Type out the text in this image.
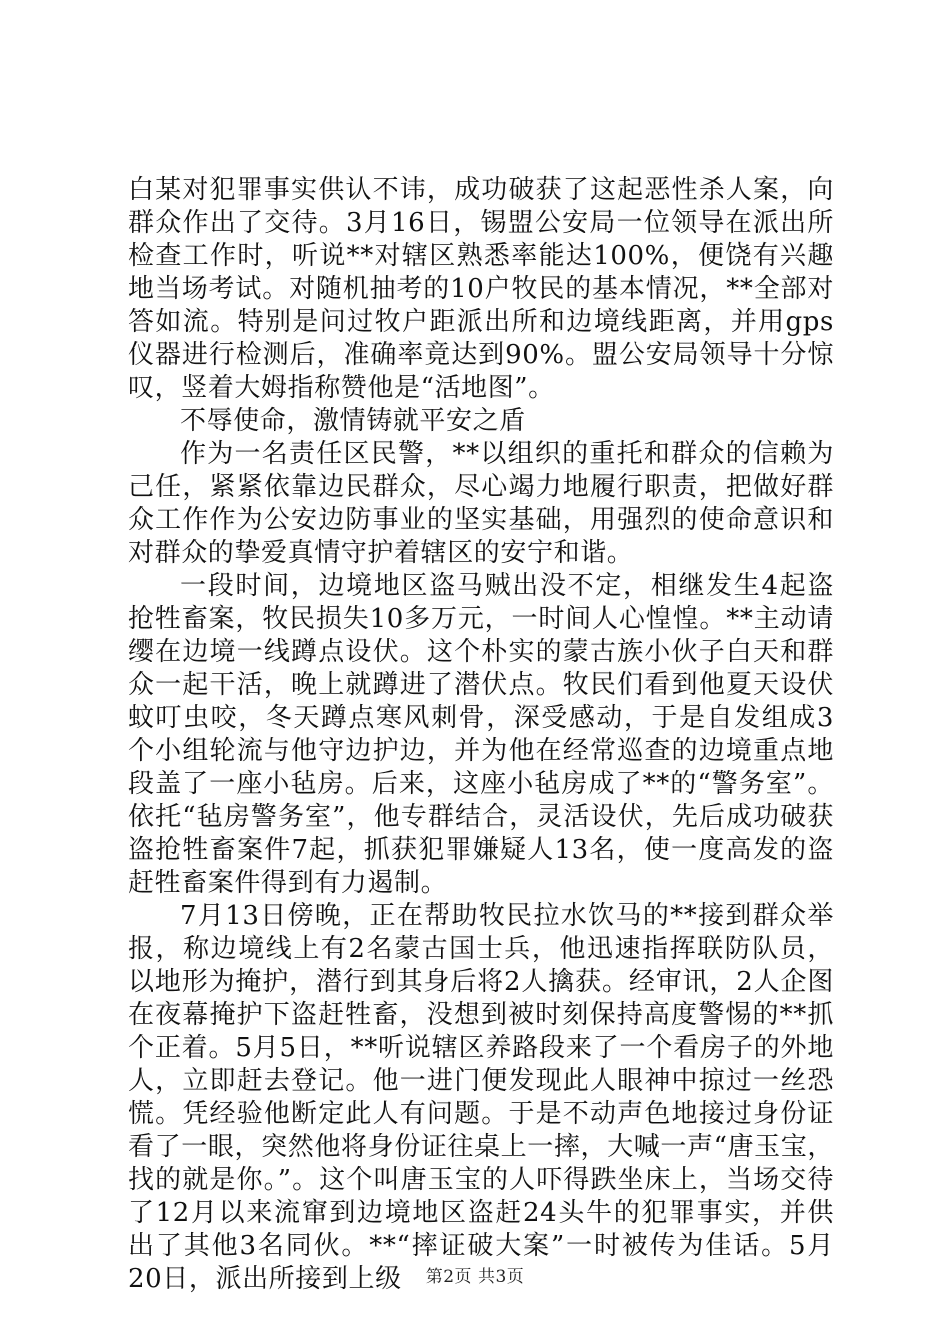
白某对犯罪事实供认不讳，成功破获了这起恶性杀人案，向群众作出了交待。3月16日，锡盟公安局一位领导在派出所检查工作时，听说**对辖区熟悉率能达100%，便饶有兴趣地当场考试。对随机抽考的10户牧民的基本情况，**全部对答如流。特别是问过牧户距派出所和边境线距离，并用gps仪器进行检测后，准确率竟达到90%。盟公安局领导十分惊叹，竖着大姆指称赞他是“活地图”。

不辱使命，激情铸就平安之盾

作为一名责任区民警，**以组织的重托和群众的信赖为己任，紧紧依靠边民群众，尽心竭力地履行职责，把做好群众工作作为公安边防事业的坚实基础，用强烈的使命意识和对群众的挚爱真情守护着辖区的安宁和谐。

一段时间，边境地区盗马贼出没不定，相继发生4起盗抢牲畜案，牧民损失10多万元，一时间人心惶惶。**主动请缨在边境一线蹲点设伏。这个朴实的蒙古族小伙子白天和群众一起干活，晚上就蹲进了潜伏点。牧民们看到他夏天设伏蚊叮虫咬，冬天蹲点寒风刺骨，深受感动，于是自发组成3个小组轮流与他守边护边，并为他在经常巡查的边境重点地段盖了一座小毡房。后来，这座小毡房成了**的“警务室”。依托“毡房警务室”，他专群结合，灵活设伏，先后成功破获盗抢牲畜案件7起，抓获犯罪嫌疑人13名，使一度高发的盗赶牲畜案件得到有力遏制。

7月13日傍晚，正在帮助牧民拉水饮马的**接到群众举报，称边境线上有2名蒙古国士兵，他迅速指挥联防队员，以地形为掩护，潜行到其身后将2人擒获。经审讯，2人企图在夜幕掩护下盗赶牲畜，没想到被时刻保持高度警惕的**抓个正着。5月5日，**听说辖区养路段来了一个看房子的外地人，立即赶去登记。他一进门便发现此人眼神中掠过一丝恐慌。凭经验他断定此人有问题。于是不动声色地接过身份证看了一眼，突然他将身份证往桌上一摔，大喊一声“唐玉宝，找的就是你。”。这个叫唐玉宝的人吓得跌坐床上，当场交待了12月以来流窜到边境地区盗赶24头牛的犯罪事实，并供出了其他3名同伙。**“摔证破大案”一时被传为佳话。5月20日，派出所接到上级	第2页 共3页
